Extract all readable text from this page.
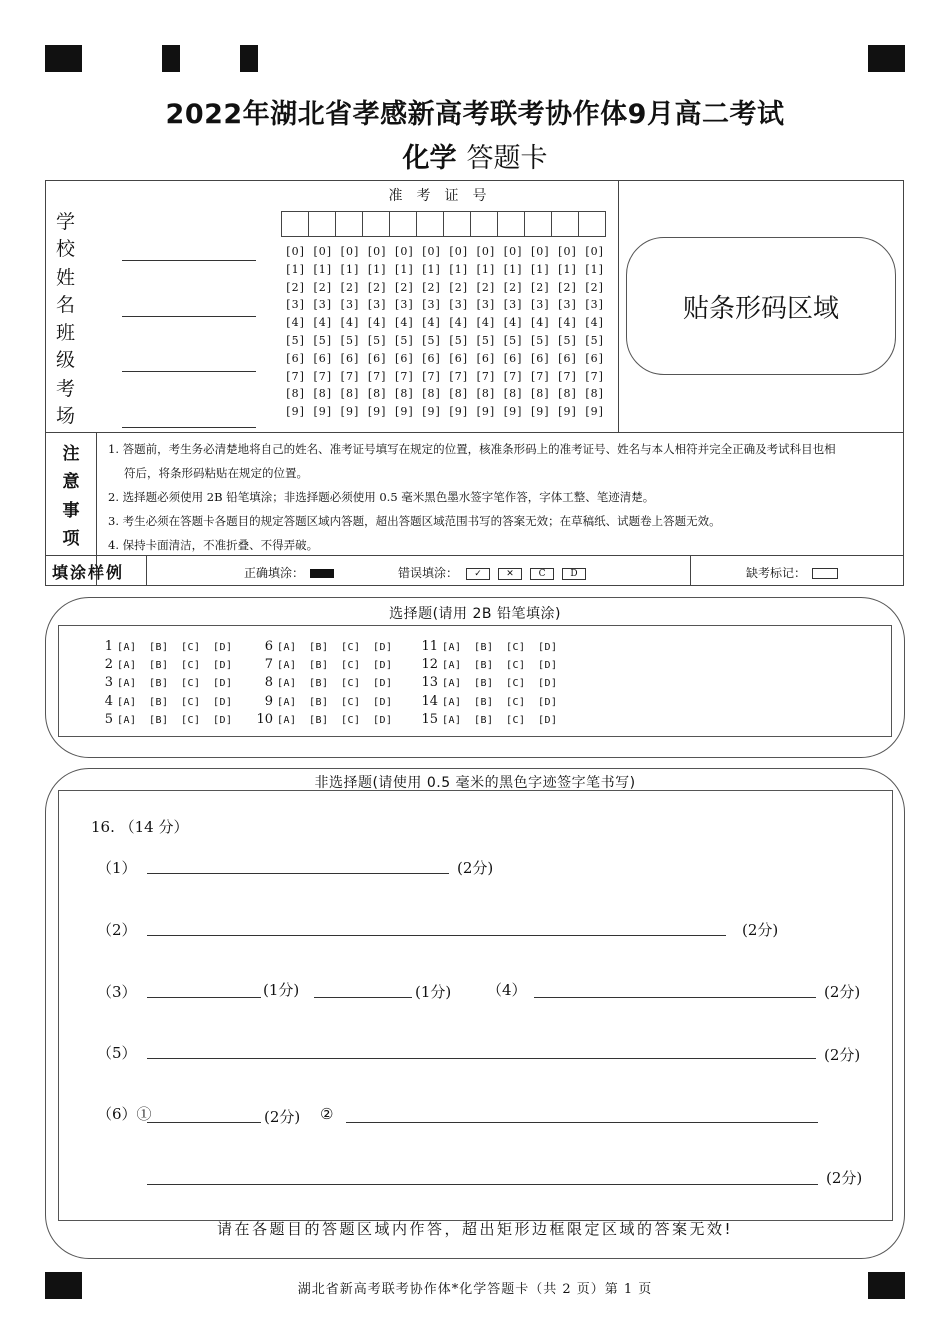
2022年湖北省孝感新高考联考协作体9月高二考试
化学 答题卡
学校
姓名
班级
考场
准考证号
[0] [0] [0] [0] [0] [0] [0] [0] [0] [0] [0] [0]
[1] [1] [1] [1] [1] [1] [1] [1] [1] [1] [1] [1]
[2] [2] [2] [2] [2] [2] [2] [2] [2] [2] [2] [2]
[3] [3] [3] [3] [3] [3] [3] [3] [3] [3] [3] [3]
[4] [4] [4] [4] [4] [4] [4] [4] [4] [4] [4] [4]
[5] [5] [5] [5] [5] [5] [5] [5] [5] [5] [5] [5]
[6] [6] [6] [6] [6] [6] [6] [6] [6] [6] [6] [6]
[7] [7] [7] [7] [7] [7] [7] [7] [7] [7] [7] [7]
[8] [8] [8] [8] [8] [8] [8] [8] [8] [8] [8] [8]
[9] [9] [9] [9] [9] [9] [9] [9] [9] [9] [9] [9]
贴条形码区域
注
意
事
项

1. 答题前，考生务必清楚地将自己的姓名、准考证号填写在规定的位置，核准条形码上的准考证号、姓名与本人相符并完全正确及考试科目也相

符后，将条形码粘贴在规定的位置。

2. 选择题必须使用 2B 铅笔填涂；非选择题必须使用 0.5 毫米黑色墨水签字笔作答，字体工整、笔迹清楚。

3. 考生必须在答题卡各题目的规定答题区域内答题，超出答题区域范围书写的答案无效；在草稿纸、试题卷上答题无效。

4. 保持卡面清洁，不准折叠、不得弄破。

填涂样例	正确填涂：	错误填涂： ✓	✕	C	D	缺考标记：
选择题(请用 2B 铅笔填涂)
1 [A] [B] [C] [D] 6 [A] [B] [C] [D] 11 [A] [B] [C] [D]
2 [A] [B] [C] [D] 7 [A] [B] [C] [D] 12 [A] [B] [C] [D]
3 [A] [B] [C] [D] 8 [A] [B] [C] [D] 13 [A] [B] [C] [D]
4 [A] [B] [C] [D] 9 [A] [B] [C] [D] 14 [A] [B] [C] [D]
5 [A] [B] [C] [D] 10 [A] [B] [C] [D] 15 [A] [B] [C] [D]
非选择题(请使用 0.5 毫米的黑色字迹签字笔书写)
16. （14 分）
（1）	(2分)
（2）	(2分)
（3）	(1分)	(1分) （4）	(2分)
（5）	(2分)
（6）①	(2分) ②
(2分)
请在各题目的答题区域内作答，超出矩形边框限定区域的答案无效!
湖北省新高考联考协作体*化学答题卡（共 2 页）第 1 页
